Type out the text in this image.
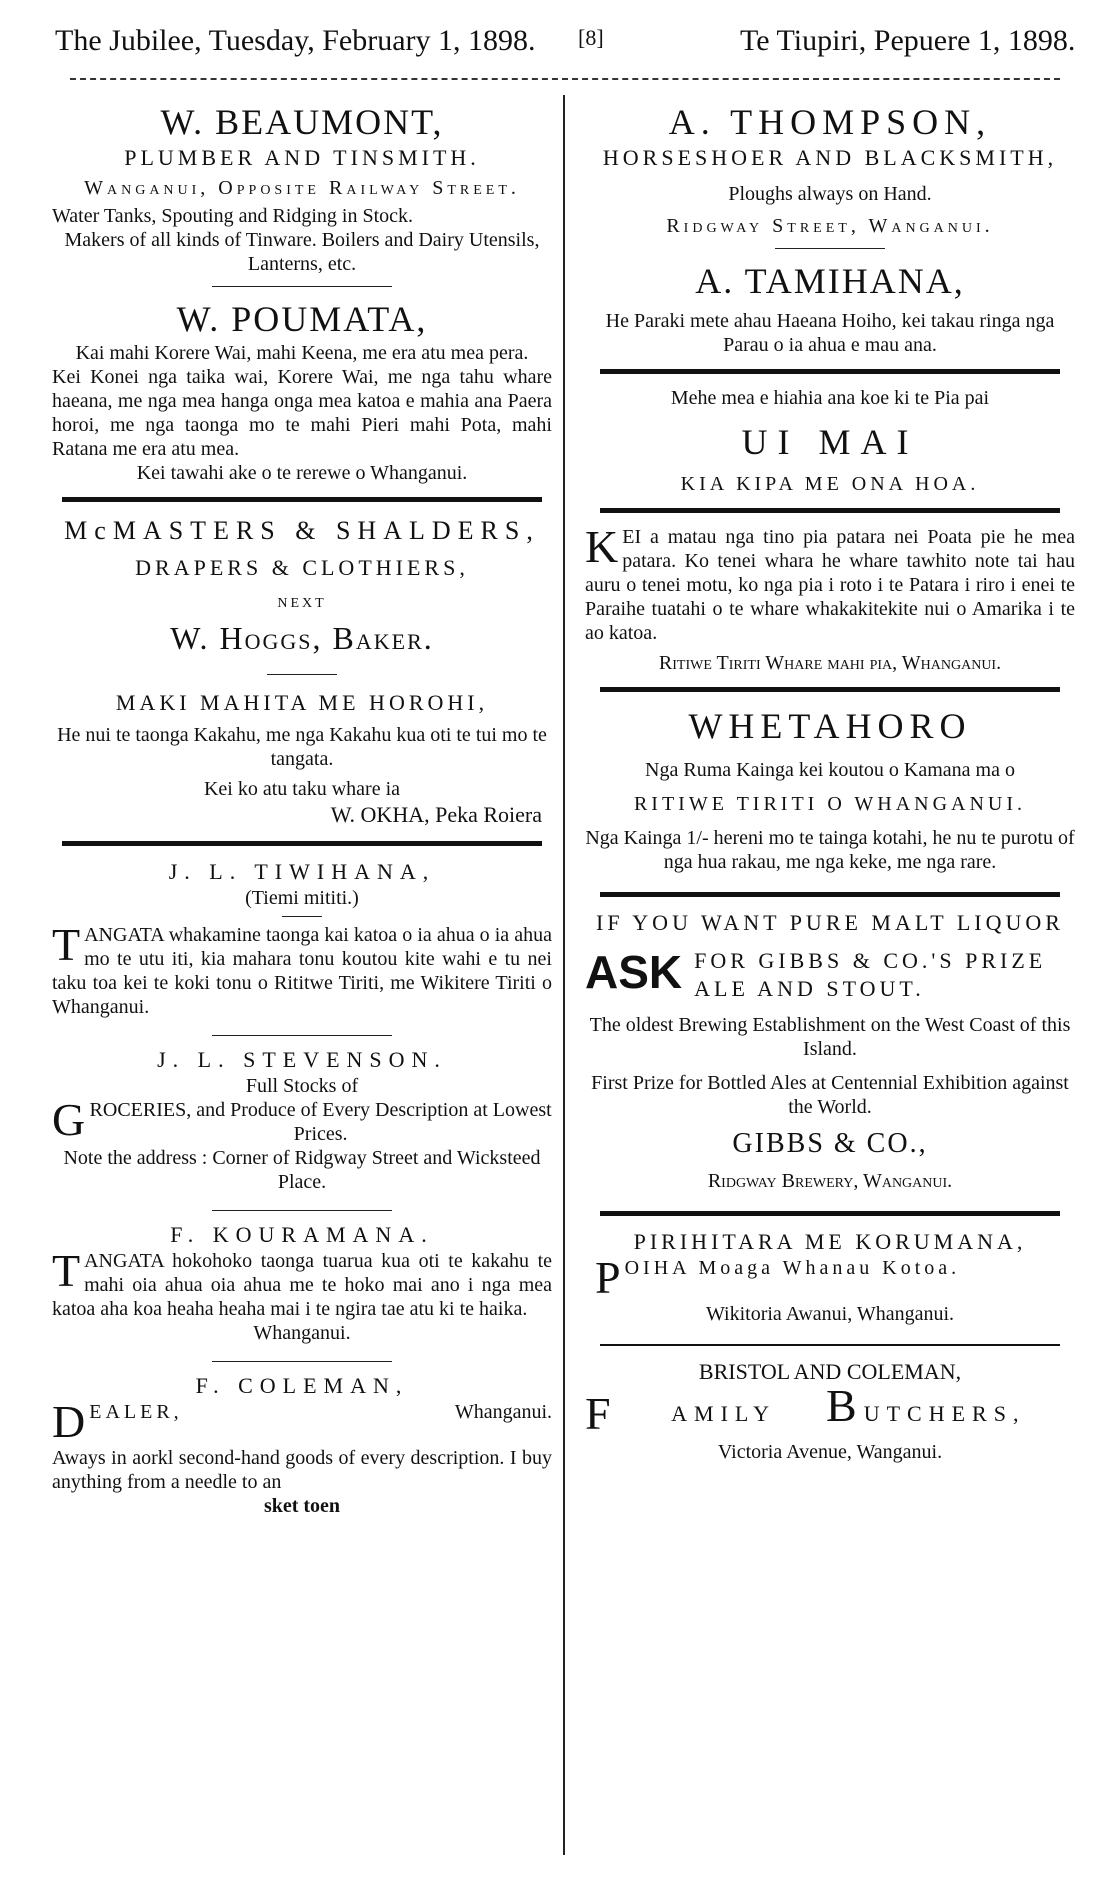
The Jubilee, Tuesday, February 1, 1898. [8]	Te Tiupiri, Pepuere 1, 1898.

W. BEAUMONT,

PLUMBER AND TINSMITH.

Wanganui, Opposite Railway Street.

Water Tanks, Spouting and Ridging in Stock.

Makers of all kinds of Tinware. Boilers and Dairy Utensils, Lanterns, etc.

W. POUMATA,

Kai mahi Korere Wai, mahi Keena, me era atu mea pera.

Kei Konei nga taika wai, Korere Wai, me nga tahu whare haeana, me nga mea hanga onga mea katoa e mahia ana Paera horoi, me nga taonga mo te mahi Pieri mahi Pota, mahi Ratana me era atu mea.

Kei tawahi ake o te rerewe o Whanganui.

McMASTERS & SHALDERS,

DRAPERS & CLOTHIERS,

NEXT

W. Hoggs, Baker.

MAKI MAHITA ME HOROHI,

He nui te taonga Kakahu, me nga Kakahu kua oti te tui mo te tangata.

Kei ko atu taku whare ia

W. OKHA, Peka Roiera

J. L. TIWIHANA,

(Tiemi mititi.)

TANGATA whakamine taonga kai katoa o ia ahua o ia ahua mo te utu iti, kia mahara tonu koutou kite wahi e tu nei taku toa kei te koki tonu o Rititwe Tiriti, me Wikitere Tiriti o Whanganui.

J. L. STEVENSON.

Full Stocks of

GROCERIES, and Produce of Every Description at Lowest Prices.

Note the address : Corner of Ridgway Street and Wicksteed Place.

F. KOURAMANA.

TANGATA hokohoko taonga tuarua kua oti te kakahu te mahi oia ahua oia ahua me te hoko mai ano i nga mea katoa aha koa heaha heaha mai i te ngira tae atu ki te haika.

Whanganui.

F. COLEMAN,

DEALER,	Whanganui.

Aways in aorkl second-hand goods of every description. I buy anything from a needle to an

sket toen

A. THOMPSON,

HORSESHOER AND BLACKSMITH,

Ploughs always on Hand.

Ridgway Street, Wanganui.

A. TAMIHANA,

He Paraki mete ahau Haeana Hoiho, kei takau ringa nga Parau o ia ahua e mau ana.

Mehe mea e hiahia ana koe ki te Pia pai

UI MAI

KIA KIPA ME ONA HOA.

KEI a matau nga tino pia patara nei Poata pie he mea patara. Ko tenei whara he whare tawhito note tai hau auru o tenei motu, ko nga pia i roto i te Patara i riro i enei te Paraihe tuatahi o te whare whakakitekite nui o Amarika i te ao katoa.

Ritiwe Tiriti Whare mahi pia, Whanganui.

WHETAHORO

Nga Ruma Kainga kei koutou o Kamana ma o

RITIWE TIRITI O WHANGANUI.

Nga Kainga 1/- hereni mo te tainga kotahi, he nu te purotu of nga hua rakau, me nga keke, me nga rare.

IF YOU WANT PURE MALT LIQUOR

ASK FOR GIBBS & CO.'S PRIZE ALE AND STOUT.

The oldest Brewing Establishment on the West Coast of this Island.

First Prize for Bottled Ales at Centennial Exhibition against the World.

GIBBS & CO.,

Ridgway Brewery, Wanganui.

PIRIHITARA ME KORUMANA,

POIHA Moaga Whanau Kotoa.

Wikitoria Awanui, Whanganui.

BRISTOL AND COLEMAN,

F AMILY BUTCHERS,

Victoria Avenue, Wanganui.
